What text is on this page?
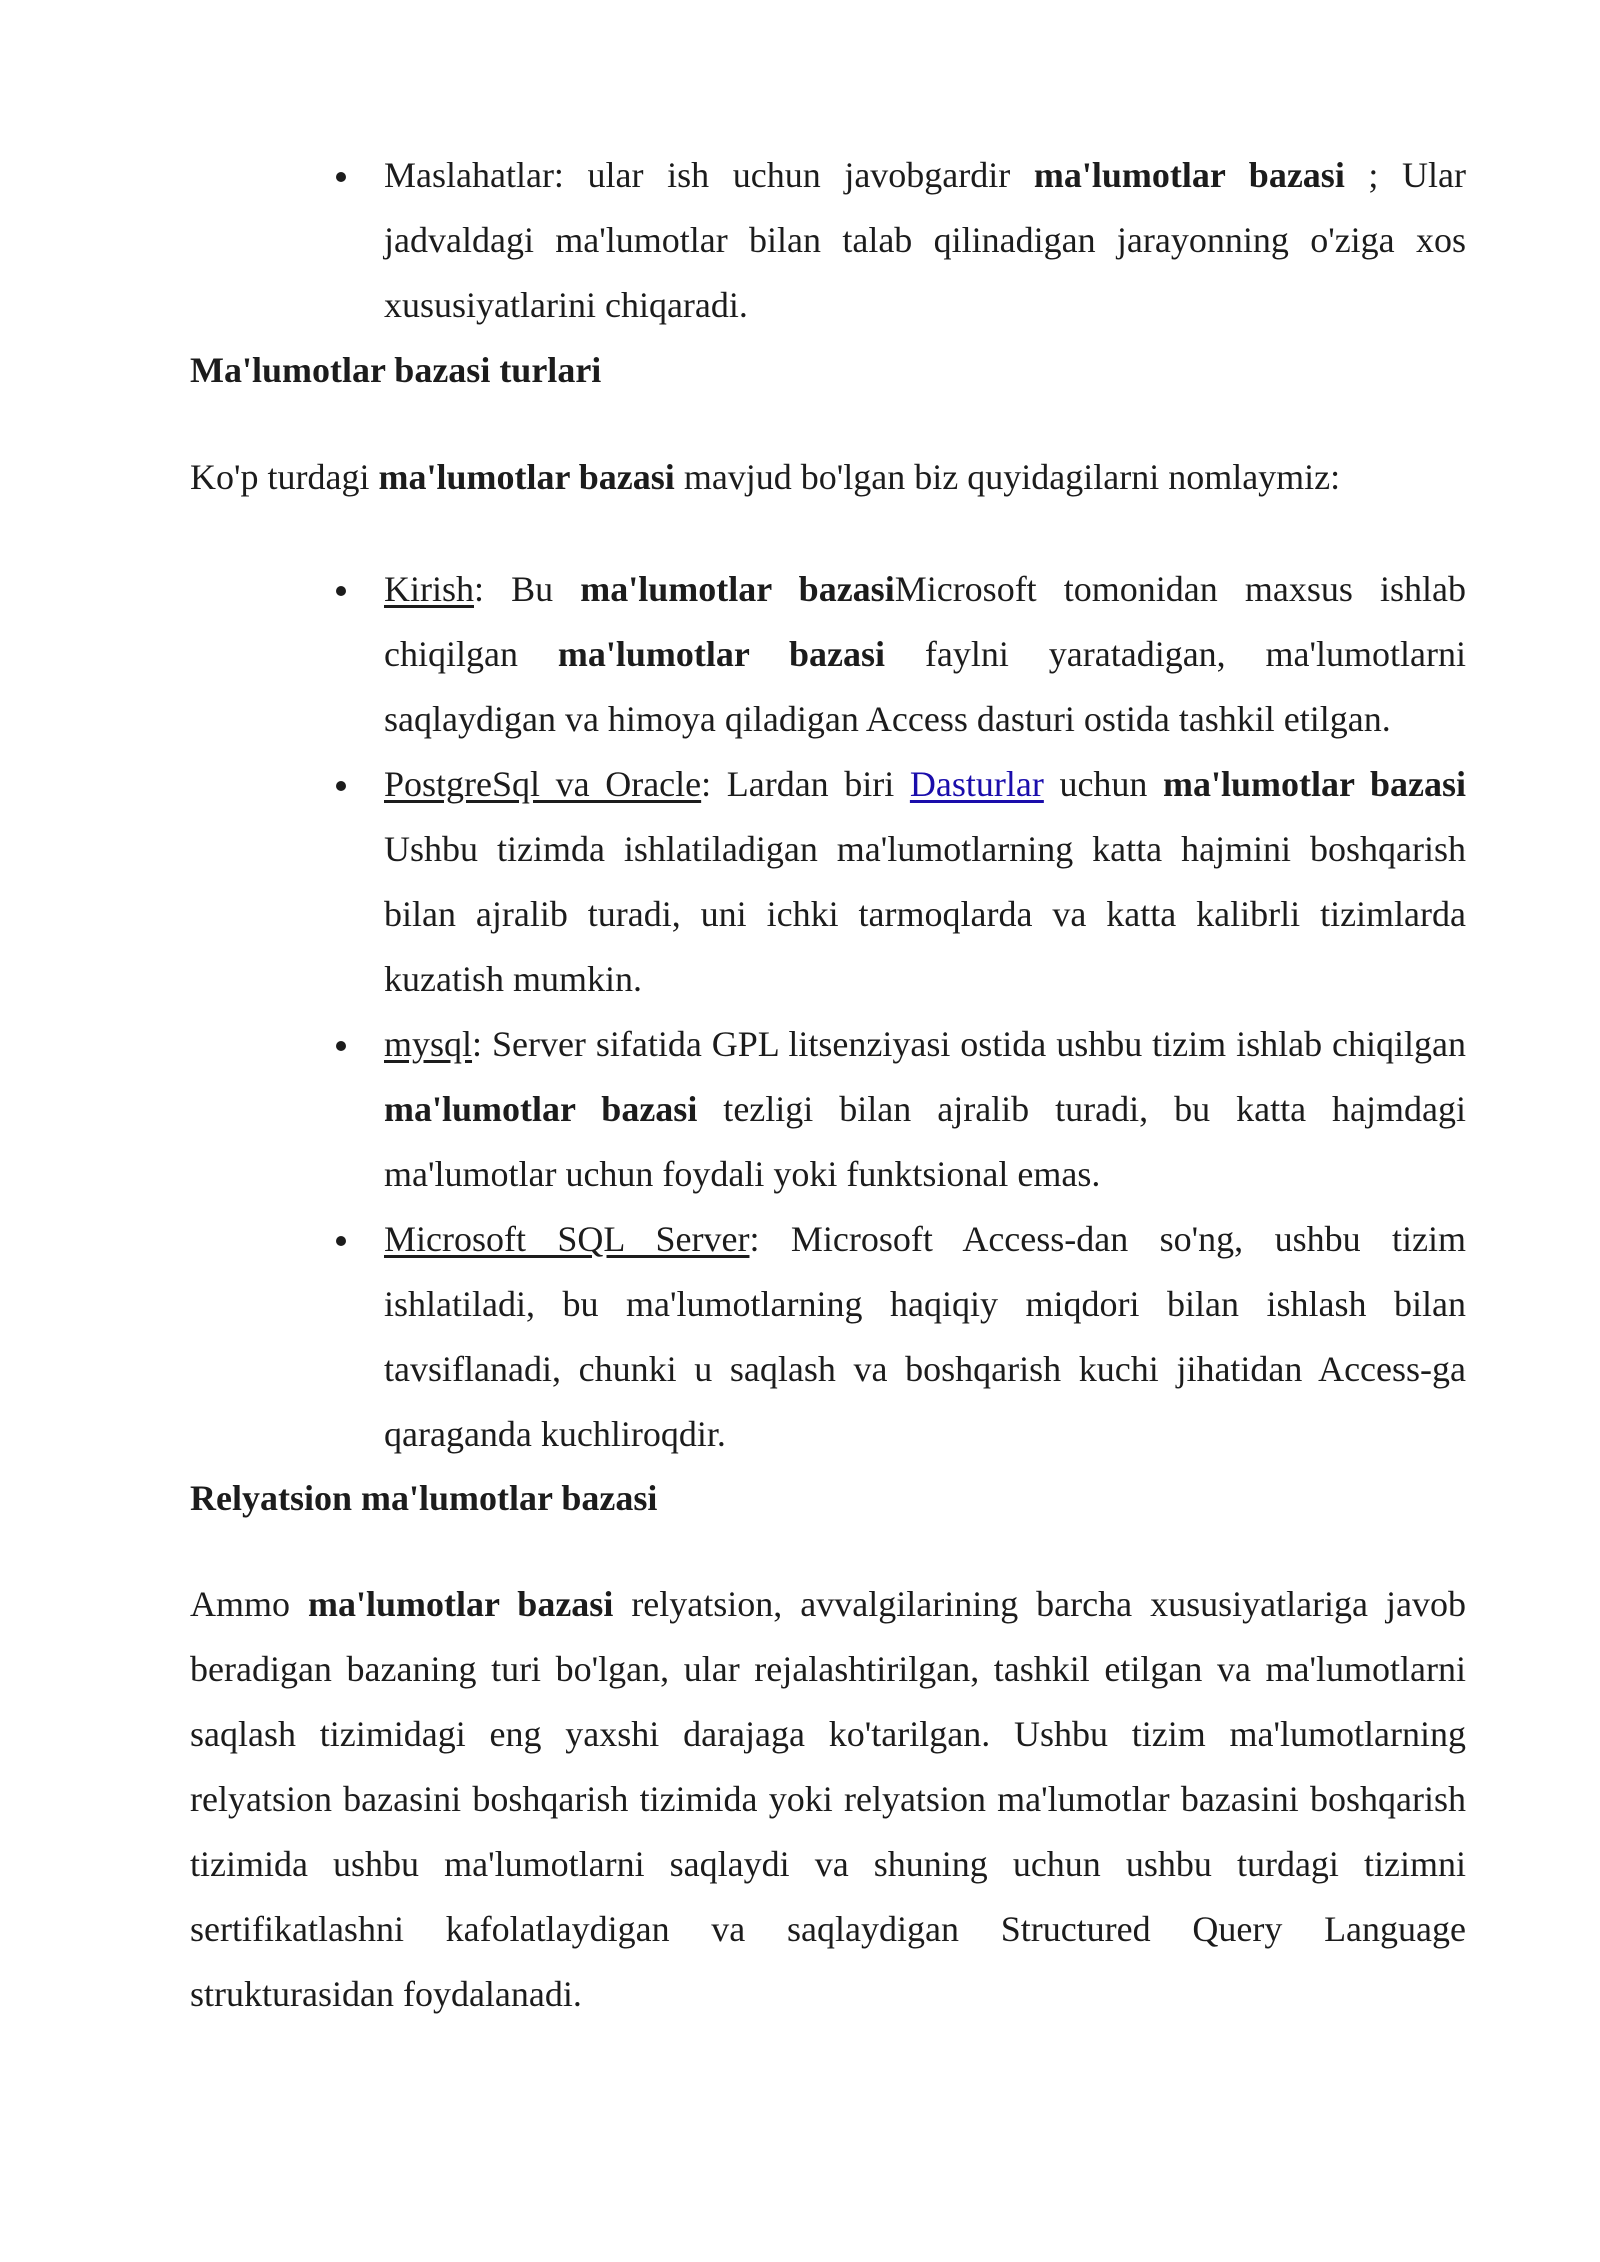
Maslahatlar: ular ish uchun javobgardir ma'lumotlar bazasi ; Ular jadvaldagi ma'lumotlar bilan talab qilinadigan jarayonning o'ziga xos xususiyatlarini chiqaradi.
Ma'lumotlar bazasi turlari

Ko'p turdagi ma'lumotlar bazasi mavjud bo'lgan biz quyidagilarni nomlaymiz:

Kirish: Bu ma'lumotlar bazasiMicrosoft tomonidan maxsus ishlab chiqilgan ma'lumotlar bazasi faylni yaratadigan, ma'lumotlarni saqlaydigan va himoya qiladigan Access dasturi ostida tashkil etilgan.
PostgreSql va Oracle: Lardan biri Dasturlar uchun ma'lumotlar bazasi Ushbu tizimda ishlatiladigan ma'lumotlarning katta hajmini boshqarish bilan ajralib turadi, uni ichki tarmoqlarda va katta kalibrli tizimlarda kuzatish mumkin.
mysql: Server sifatida GPL litsenziyasi ostida ushbu tizim ishlab chiqilgan ma'lumotlar bazasi tezligi bilan ajralib turadi, bu katta hajmdagi ma'lumotlar uchun foydali yoki funktsional emas.
Microsoft SQL Server: Microsoft Access-dan so'ng, ushbu tizim ishlatiladi, bu ma'lumotlarning haqiqiy miqdori bilan ishlash bilan tavsiflanadi, chunki u saqlash va boshqarish kuchi jihatidan Access-ga qaraganda kuchliroqdir.
Relyatsion ma'lumotlar bazasi

Ammo ma'lumotlar bazasi relyatsion, avvalgilarining barcha xususiyatlariga javob beradigan bazaning turi bo'lgan, ular rejalashtirilgan, tashkil etilgan va ma'lumotlarni saqlash tizimidagi eng yaxshi darajaga ko'tarilgan. Ushbu tizim ma'lumotlarning relyatsion bazasini boshqarish tizimida yoki relyatsion ma'lumotlar bazasini boshqarish tizimida ushbu ma'lumotlarni saqlaydi va shuning uchun ushbu turdagi tizimni sertifikatlashni kafolatlaydigan va saqlaydigan Structured Query Language strukturasidan foydalanadi.
